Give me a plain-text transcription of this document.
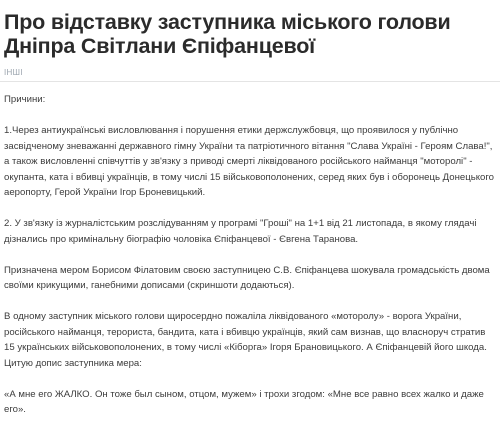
Про відставку заступника міського голови Дніпра Світлани Єпіфанцевої
ІНШІ

Причини:

1.Через антиукраїнські висловлювання і порушення етики держслужбовця, що проявилося у публічно засвідченому зневажанні державного гімну України та патріотичного вітання "Слава Україні - Героям Слава!", а також висловленні співчуттів у зв'язку з приводі смерті ліквідованого російського найманця "моторолі" - окупанта, ката і вбивці українців, в тому числі 15 військовополонених, серед яких був і оборонець Донецького аеропорту, Герой України Ігор Броневицький.

2. У зв'язку із журналістським розслідуванням у програмі "Гроші" на 1+1 від 21 листопада, в якому глядачі дізнались про кримінальну біографію чоловіка Єпіфанцевої - Євгена Таранова.

Призначена мером Борисом Філатовим своєю заступницею С.В. Єпіфанцева шокувала громадськість двома своїми крикущими, ганебними дописами (скриншоти додаються).

В одному заступник міського голови щиросердно пожаліла ліквідованого «моторолу» - ворога України, російського найманця, терориста, бандита, ката і вбивцю українців, який сам визнав, що власноруч стратив 15 українських військовополонених, в тому числі «Кіборга» Ігоря Брановицького. А Єпіфанцевій його шкода. Цитую допис заступника мера:

«А мне его ЖАЛКО. Он тоже был сыном, отцом, мужем» і трохи згодом: «Мне все равно всех жалко и даже его».
